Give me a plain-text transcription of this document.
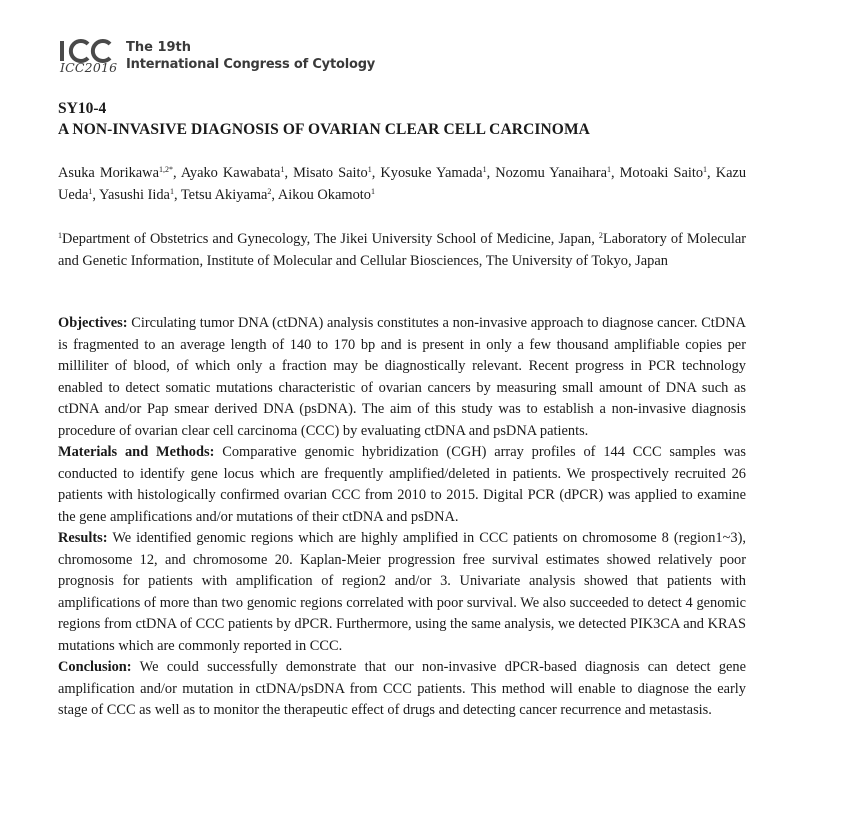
ICC2016
The 19th
International Congress of Cytology
SY10-4
A NON-INVASIVE DIAGNOSIS OF OVARIAN CLEAR CELL CARCINOMA
Asuka Morikawa$^{1,2*}$, Ayako Kawabata$^1$, Misato Saito$^1$, Kyosuke Yamada$^1$, Nozomu Yanaihara$^1$, Motoaki Saito$^1$, Kazu Ueda$^1$, Yasushi Iida$^1$, Tetsu Akiyama$^2$, Aikou Okamoto$^1$
$^1$Department of Obstetrics and Gynecology, The Jikei University School of Medicine, Japan, $^2$Laboratory of Molecular and Genetic Information, Institute of Molecular and Cellular Biosciences, The University of Tokyo, Japan

Objectives: Circulating tumor DNA (ctDNA) analysis constitutes a non-invasive approach to diagnose cancer. CtDNA is fragmented to an average length of 140 to 170 bp and is present in only a few thousand amplifiable copies per milliliter of blood, of which only a fraction may be diagnostically relevant. Recent progress in PCR technology enabled to detect somatic mutations characteristic of ovarian cancers by measuring small amount of DNA such as ctDNA and/or Pap smear derived DNA (psDNA). The aim of this study was to establish a non-invasive diagnosis procedure of ovarian clear cell carcinoma (CCC) by evaluating ctDNA and psDNA patients.

Materials and Methods: Comparative genomic hybridization (CGH) array profiles of 144 CCC samples was conducted to identify gene locus which are frequently amplified/deleted in patients. We prospectively recruited 26 patients with histologically confirmed ovarian CCC from 2010 to 2015. Digital PCR (dPCR) was applied to examine the gene amplifications and/or mutations of their ctDNA and psDNA.

Results: We identified genomic regions which are highly amplified in CCC patients on chromosome 8 (region1~3), chromosome 12, and chromosome 20. Kaplan-Meier progression free survival estimates showed relatively poor prognosis for patients with amplification of region2 and/or 3. Univariate analysis showed that patients with amplifications of more than two genomic regions correlated with poor survival. We also succeeded to detect 4 genomic regions from ctDNA of CCC patients by dPCR. Furthermore, using the same analysis, we detected PIK3CA and KRAS mutations which are commonly reported in CCC.

Conclusion: We could successfully demonstrate that our non-invasive dPCR-based diagnosis can detect gene amplification and/or mutation in ctDNA/psDNA from CCC patients. This method will enable to diagnose the early stage of CCC as well as to monitor the therapeutic effect of drugs and detecting cancer recurrence and metastasis.
